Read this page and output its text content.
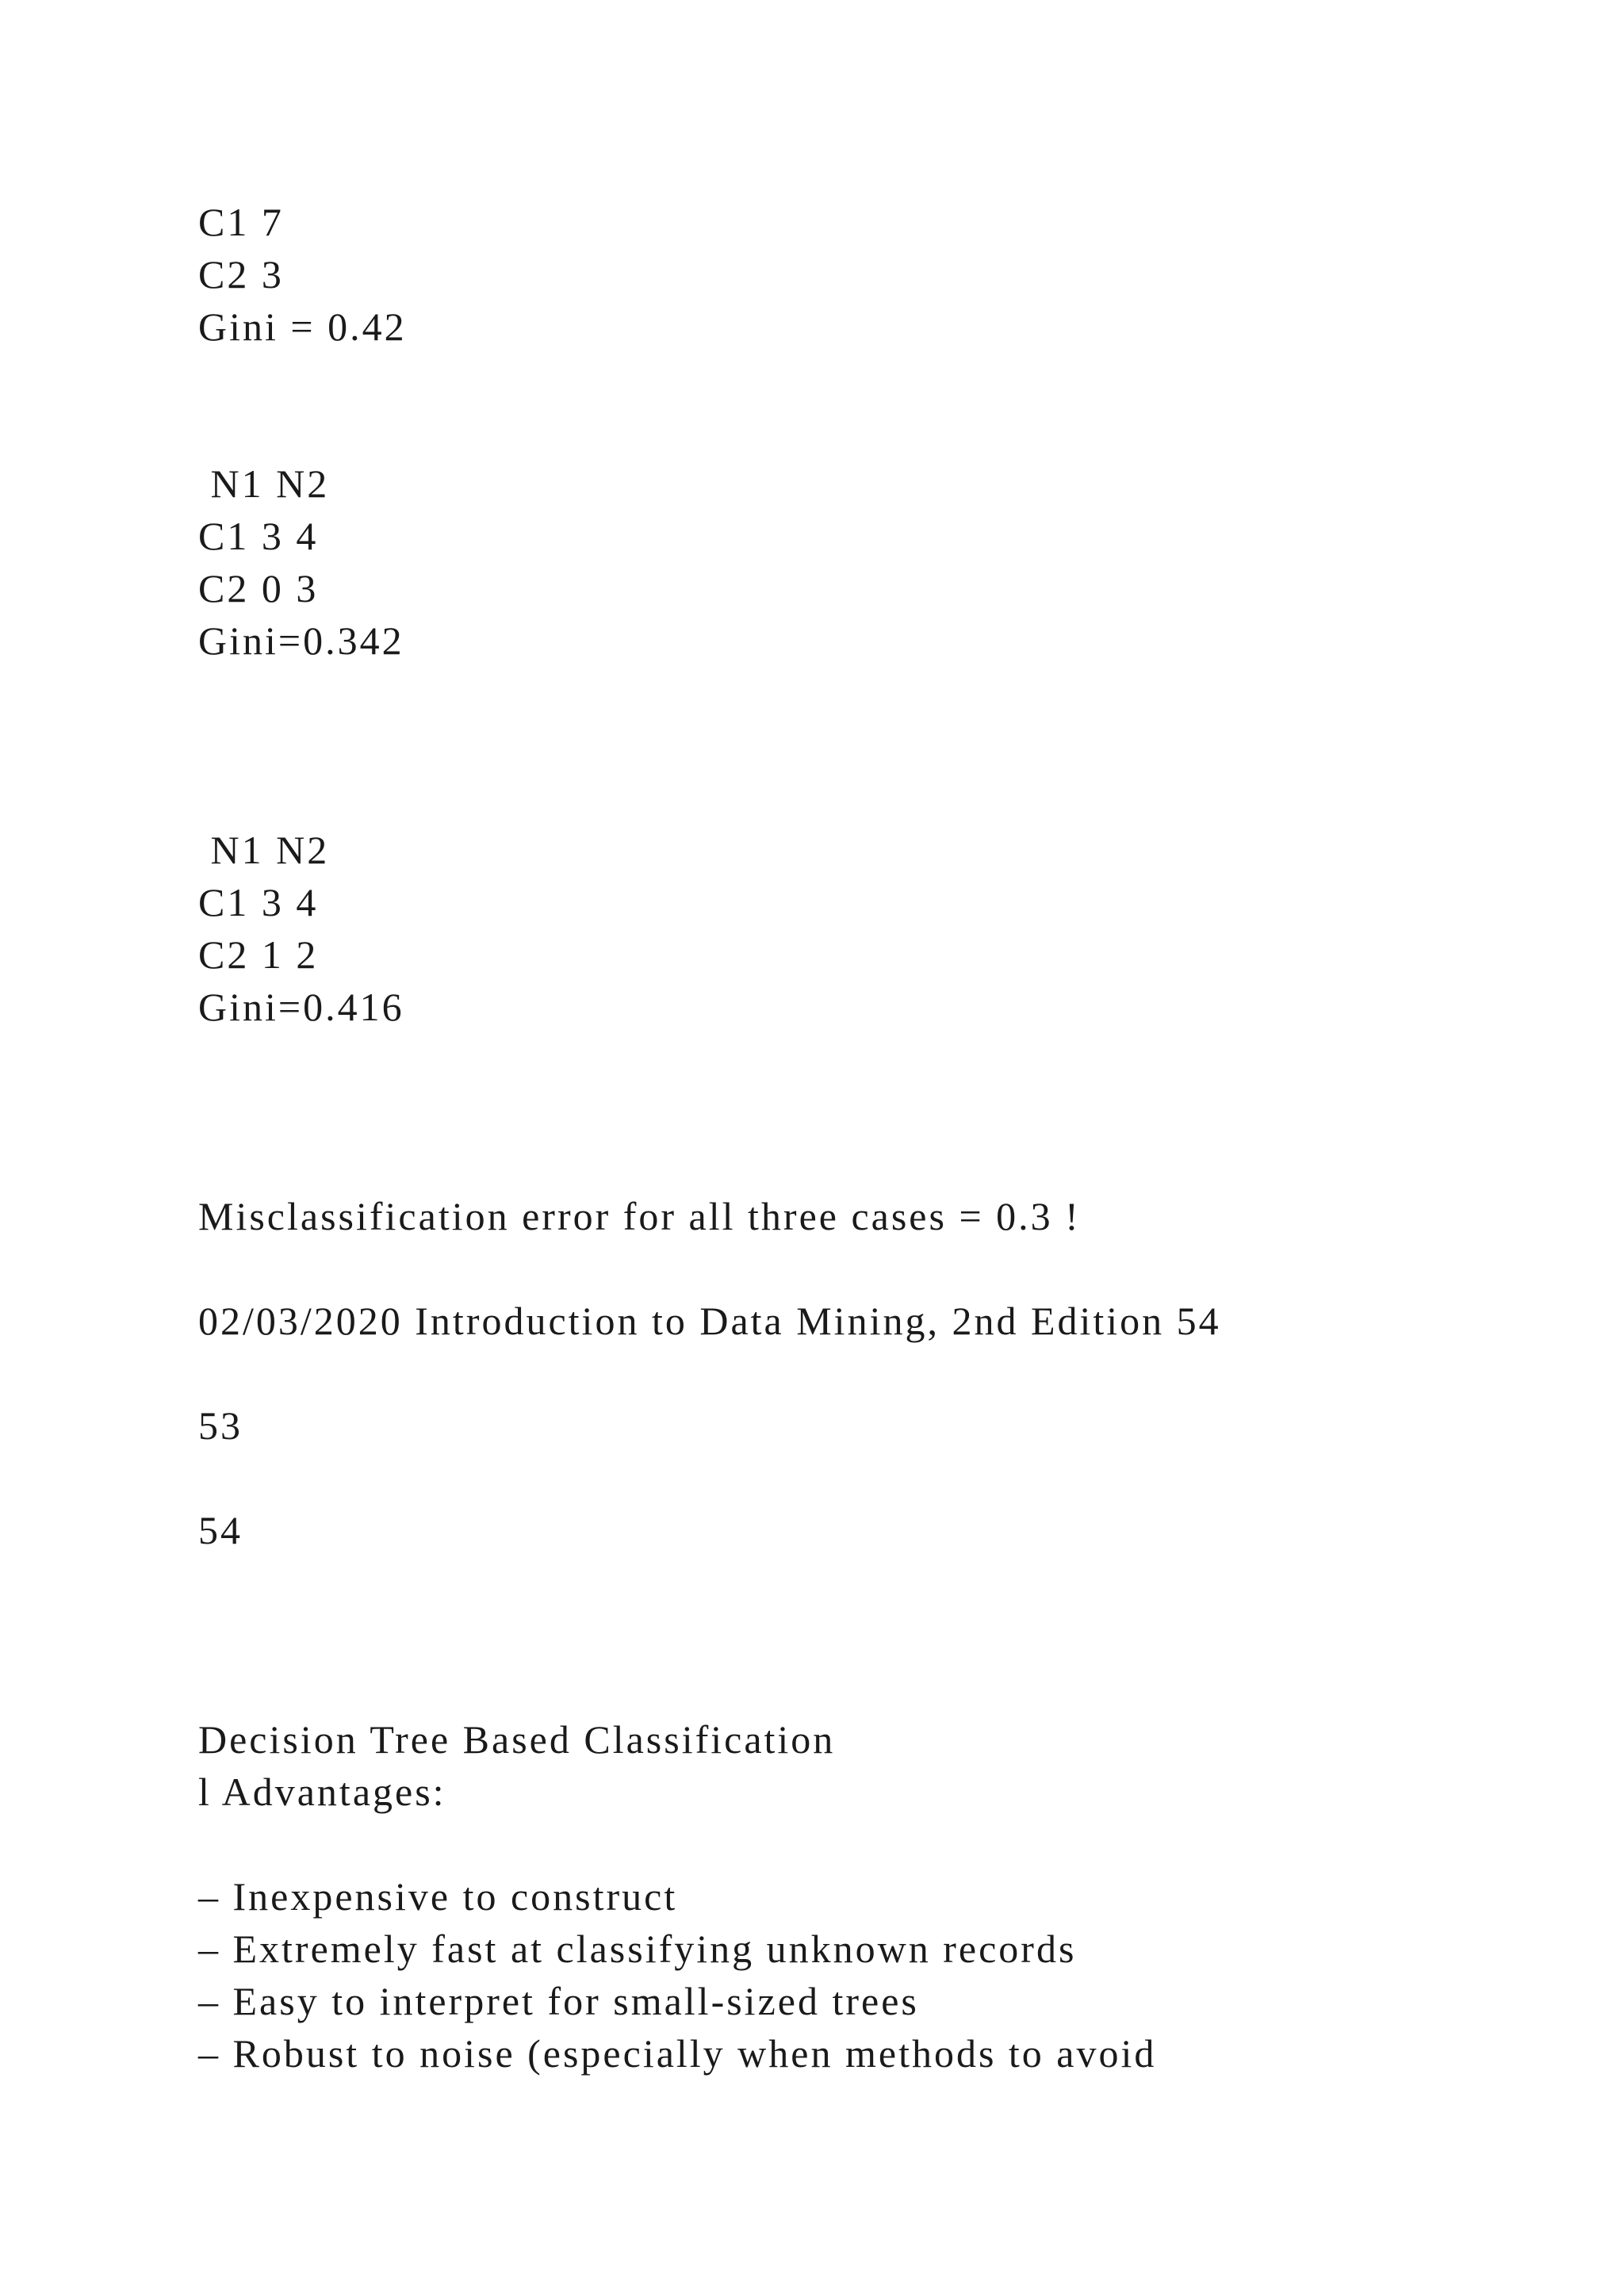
C1 7

C2 3

Gini = 0.42

N1 N2

C1 3 4

C2 0 3

Gini=0.342

N1 N2

C1 3 4

C2 1 2

Gini=0.416

Misclassification error for all three cases = 0.3 !

02/03/2020 Introduction to Data Mining, 2nd Edition 54

53

54

Decision Tree Based Classification

l Advantages:

– Inexpensive to construct

– Extremely fast at classifying unknown records

– Easy to interpret for small-sized trees

– Robust to noise (especially when methods to avoid
